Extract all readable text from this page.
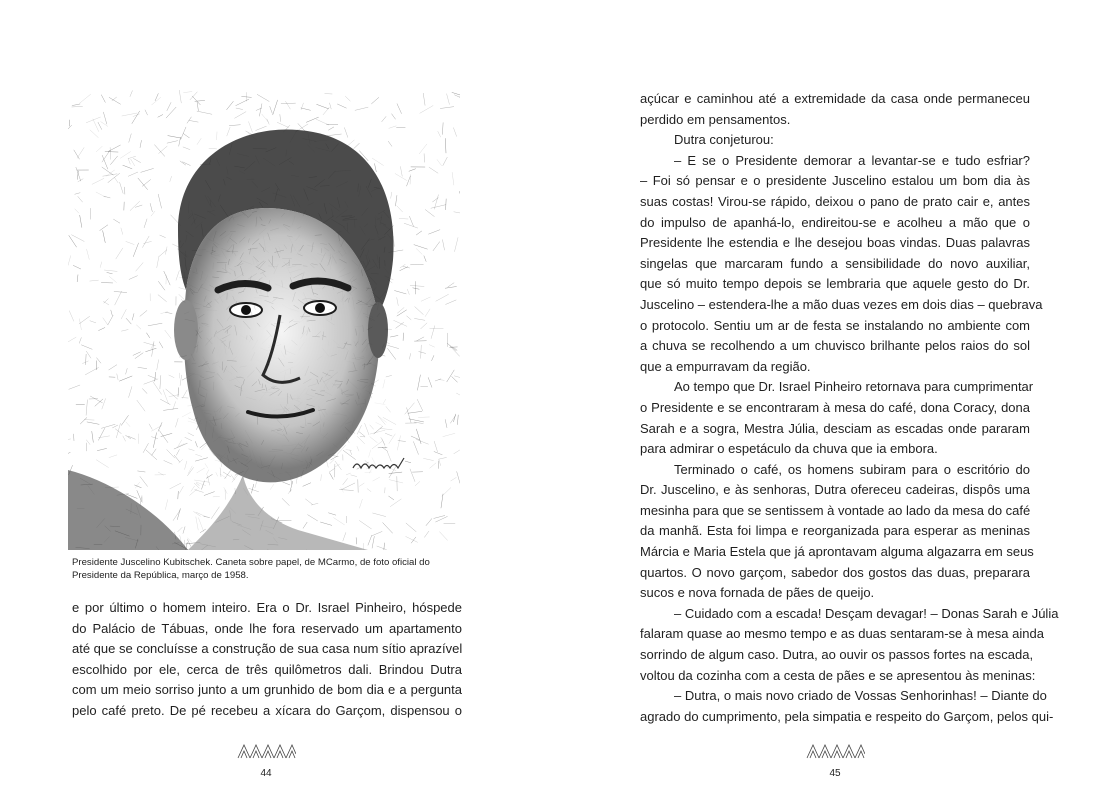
Presidente Juscelino Kubitschek. Caneta sobre papel, de MCarmo, de foto oficial do
Presidente da República, março de 1958.
e por último o homem inteiro. Era o Dr. Israel Pinheiro, hóspede
do Palácio de Tábuas, onde lhe fora reservado um apartamento
até que se concluísse a construção de sua casa num sítio aprazível
escolhido por ele, cerca de três quilômetros dali. Brindou Dutra
com um meio sorriso junto a um grunhido de bom dia e a pergunta
pelo café preto. De pé recebeu a xícara do Garçom, dispensou o
44
açúcar e caminhou até a extremidade da casa onde permaneceu
perdido em pensamentos.
Dutra conjeturou:
– E se o Presidente demorar a levantar-se e tudo esfriar?
– Foi só pensar e o presidente Juscelino estalou um bom dia às
suas costas! Virou-se rápido, deixou o pano de prato cair e, antes
do impulso de apanhá-lo, endireitou-se e acolheu a mão que o
Presidente lhe estendia e lhe desejou boas vindas. Duas palavras
singelas que marcaram fundo a sensibilidade do novo auxiliar,
que só muito tempo depois se lembraria que aquele gesto do Dr.
Juscelino – estendera-lhe a mão duas vezes em dois dias – quebrava
o protocolo. Sentiu um ar de festa se instalando no ambiente com
a chuva se recolhendo a um chuvisco brilhante pelos raios do sol
que a empurravam da região.
Ao tempo que Dr. Israel Pinheiro retornava para cumprimentar
o Presidente e se encontraram à mesa do café, dona Coracy, dona
Sarah e a sogra, Mestra Júlia, desciam as escadas onde pararam
para admirar o espetáculo da chuva que ia embora.
Terminado o café, os homens subiram para o escritório do
Dr. Juscelino, e às senhoras, Dutra ofereceu cadeiras, dispôs uma
mesinha para que se sentissem à vontade ao lado da mesa do café
da manhã. Esta foi limpa e reorganizada para esperar as meninas
Márcia e Maria Estela que já aprontavam alguma algazarra em seus
quartos. O novo garçom, sabedor dos gostos das duas, preparara
sucos e nova fornada de pães de queijo.
– Cuidado com a escada! Desçam devagar! – Donas Sarah e Júlia
falaram quase ao mesmo tempo e as duas sentaram-se à mesa ainda
sorrindo de algum caso. Dutra, ao ouvir os passos fortes na escada,
voltou da cozinha com a cesta de pães e se apresentou às meninas:
– Dutra, o mais novo criado de Vossas Senhorinhas! – Diante do
agrado do cumprimento, pela simpatia e respeito do Garçom, pelos qui-
45
